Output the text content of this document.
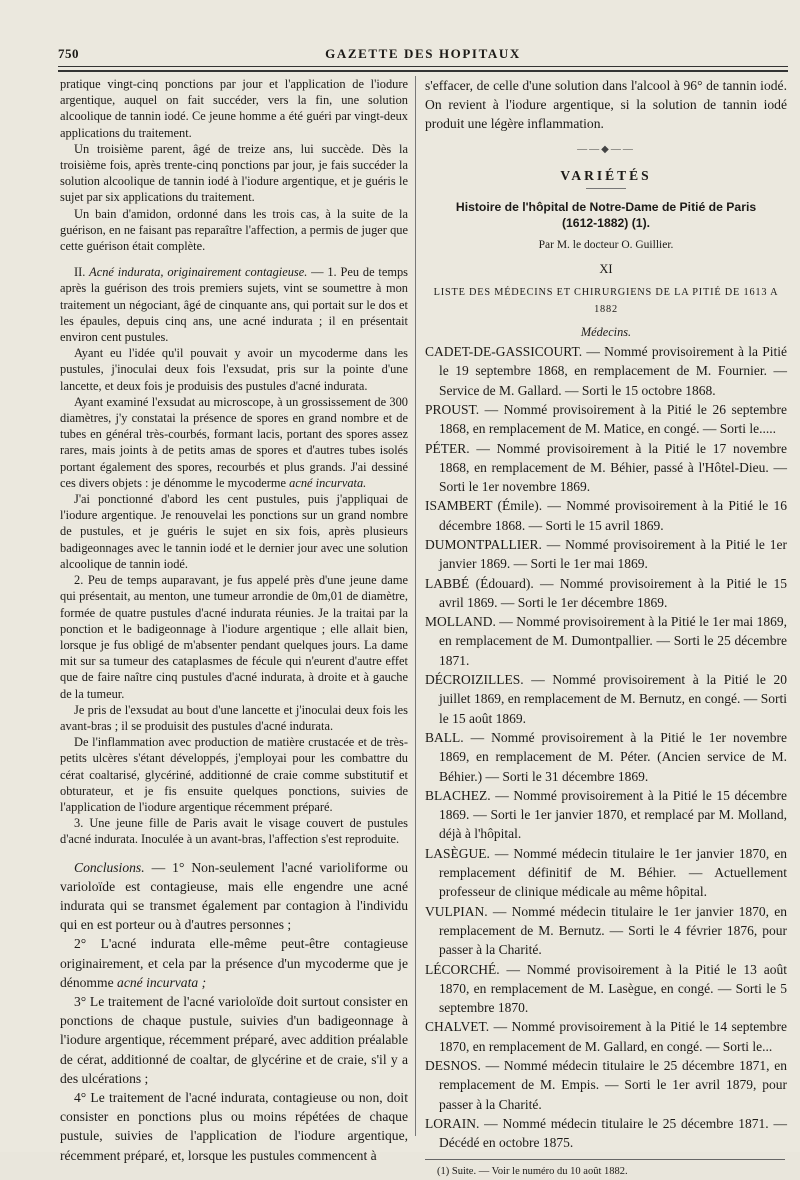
750	GAZETTE DES HOPITAUX

pratique vingt-cinq ponctions par jour et l'application de l'iodure argentique, auquel on fait succéder, vers la fin, une solution alcoolique de tannin iodé. Ce jeune homme a été guéri par vingt-deux applications du traitement.

Un troisième parent, âgé de treize ans, lui succède. Dès la troisième fois, après trente-cinq ponctions par jour, je fais succéder la solution alcoolique de tannin iodé à l'iodure argentique, et je guéris le sujet par six applications du traitement.

Un bain d'amidon, ordonné dans les trois cas, à la suite de la guérison, en ne faisant pas reparaître l'affection, a permis de juger que cette guérison était complète.

II. Acné indurata, originairement contagieuse. — 1. Peu de temps après la guérison des trois premiers sujets, vint se soumettre à mon traitement un négociant, âgé de cinquante ans, qui portait sur le dos et les épaules, depuis cinq ans, une acné indurata ; il en présentait environ cent pustules.

Ayant eu l'idée qu'il pouvait y avoir un mycoderme dans les pustules, j'inoculai deux fois l'exsudat, pris sur la pointe d'une lancette, et deux fois je produisis des pustules d'acné indurata.

Ayant examiné l'exsudat au microscope, à un grossissement de 300 diamètres, j'y constatai la présence de spores en grand nombre et de tubes en général très-courbés, formant lacis, portant des spores assez rares, mais joints à de petits amas de spores et d'autres tubes isolés portant également des spores, recourbés et plus grands. J'ai dessiné ces divers objets : je dénomme le mycoderme acné incurvata.

J'ai ponctionné d'abord les cent pustules, puis j'appliquai de l'iodure argentique. Je renouvelai les ponctions sur un grand nombre de pustules, et je guéris le sujet en six fois, après plusieurs badigeonnages avec le tannin iodé et le dernier jour avec une solution alcoolique de tannin iodé.

2. Peu de temps auparavant, je fus appelé près d'une jeune dame qui présentait, au menton, une tumeur arrondie de 0m,01 de diamètre, formée de quatre pustules d'acné indurata réunies. Je la traitai par la ponction et le badigeonnage à l'iodure argentique ; elle allait bien, lorsque je fus obligé de m'absenter pendant quelques jours. La dame mit sur sa tumeur des cataplasmes de fécule qui n'eurent d'autre effet que de faire naître cinq pustules d'acné indurata, à droite et à gauche de la tumeur.

Je pris de l'exsudat au bout d'une lancette et j'inoculai deux fois les avant-bras ; il se produisit des pustules d'acné indurata.

De l'inflammation avec production de matière crustacée et de très-petits ulcères s'étant développés, j'employai pour les combattre du cérat coaltarisé, glycériné, additionné de craie comme substitutif et obturateur, et je fis ensuite quelques ponctions, suivies de l'application de l'iodure argentique récemment préparé.

3. Une jeune fille de Paris avait le visage couvert de pustules d'acné indurata. Inoculée à un avant-bras, l'affection s'est reproduite.

Conclusions. — 1° Non-seulement l'acné varioliforme ou varioloïde est contagieuse, mais elle engendre une acné indurata qui se transmet également par contagion à l'individu qui en est porteur ou à d'autres personnes ;

2° L'acné indurata elle-même peut-être contagieuse originairement, et cela par la présence d'un mycoderme que je dénomme acné incurvata ;

3° Le traitement de l'acné varioloïde doit surtout consister en ponctions de chaque pustule, suivies d'un badigeonnage à l'iodure argentique, récemment préparé, avec addition préalable de cérat, additionné de coaltar, de glycérine et de craie, s'il y a des ulcérations ;

4° Le traitement de l'acné indurata, contagieuse ou non, doit consister en ponctions plus ou moins répétées de chaque pustule, suivies de l'application de l'iodure argentique, récemment préparé, et, lorsque les pustules commencent à

s'effacer, de celle d'une solution dans l'alcool à 96° de tannin iodé. On revient à l'iodure argentique, si la solution de tannin iodé produit une légère inflammation.

——◆——
VARIÉTÉS
Histoire de l'hôpital de Notre-Dame de Pitié de Paris
(1612-1882) (1).
Par M. le docteur O. Guillier.
XI
LISTE DES MÉDECINS ET CHIRURGIENS DE LA PITIÉ DE 1613 A 1882
Médecins.

CADET-DE-GASSICOURT. — Nommé provisoirement à la Pitié le 19 septembre 1868, en remplacement de M. Fournier. — Service de M. Gallard. — Sorti le 15 octobre 1868.

PROUST. — Nommé provisoirement à la Pitié le 26 septembre 1868, en remplacement de M. Matice, en congé. — Sorti le.....

PÉTER. — Nommé provisoirement à la Pitié le 17 novembre 1868, en remplacement de M. Béhier, passé à l'Hôtel-Dieu. — Sorti le 1er novembre 1869.

ISAMBERT (Émile). — Nommé provisoirement à la Pitié le 16 décembre 1868. — Sorti le 15 avril 1869.

DUMONTPALLIER. — Nommé provisoirement à la Pitié le 1er janvier 1869. — Sorti le 1er mai 1869.

LABBÉ (Édouard). — Nommé provisoirement à la Pitié le 15 avril 1869. — Sorti le 1er décembre 1869.

MOLLAND. — Nommé provisoirement à la Pitié le 1er mai 1869, en remplacement de M. Dumontpallier. — Sorti le 25 décembre 1871.

DÉCROIZILLES. — Nommé provisoirement à la Pitié le 20 juillet 1869, en remplacement de M. Bernutz, en congé. — Sorti le 15 août 1869.

BALL. — Nommé provisoirement à la Pitié le 1er novembre 1869, en remplacement de M. Péter. (Ancien service de M. Béhier.) — Sorti le 31 décembre 1869.

BLACHEZ. — Nommé provisoirement à la Pitié le 15 décembre 1869. — Sorti le 1er janvier 1870, et remplacé par M. Molland, déjà à l'hôpital.

LASÈGUE. — Nommé médecin titulaire le 1er janvier 1870, en remplacement définitif de M. Béhier. — Actuellement professeur de clinique médicale au même hôpital.

VULPIAN. — Nommé médecin titulaire le 1er janvier 1870, en remplacement de M. Bernutz. — Sorti le 4 février 1876, pour passer à la Charité.

LÉCORCHÉ. — Nommé provisoirement à la Pitié le 13 août 1870, en remplacement de M. Lasègue, en congé. — Sorti le 5 septembre 1870.

CHALVET. — Nommé provisoirement à la Pitié le 14 septembre 1870, en remplacement de M. Gallard, en congé. — Sorti le...

DESNOS. — Nommé médecin titulaire le 25 décembre 1871, en remplacement de M. Empis. — Sorti le 1er avril 1879, pour passer à la Charité.

LORAIN. — Nommé médecin titulaire le 25 décembre 1871. — Décédé en octobre 1875.

(1) Suite. — Voir le numéro du 10 août 1882.
